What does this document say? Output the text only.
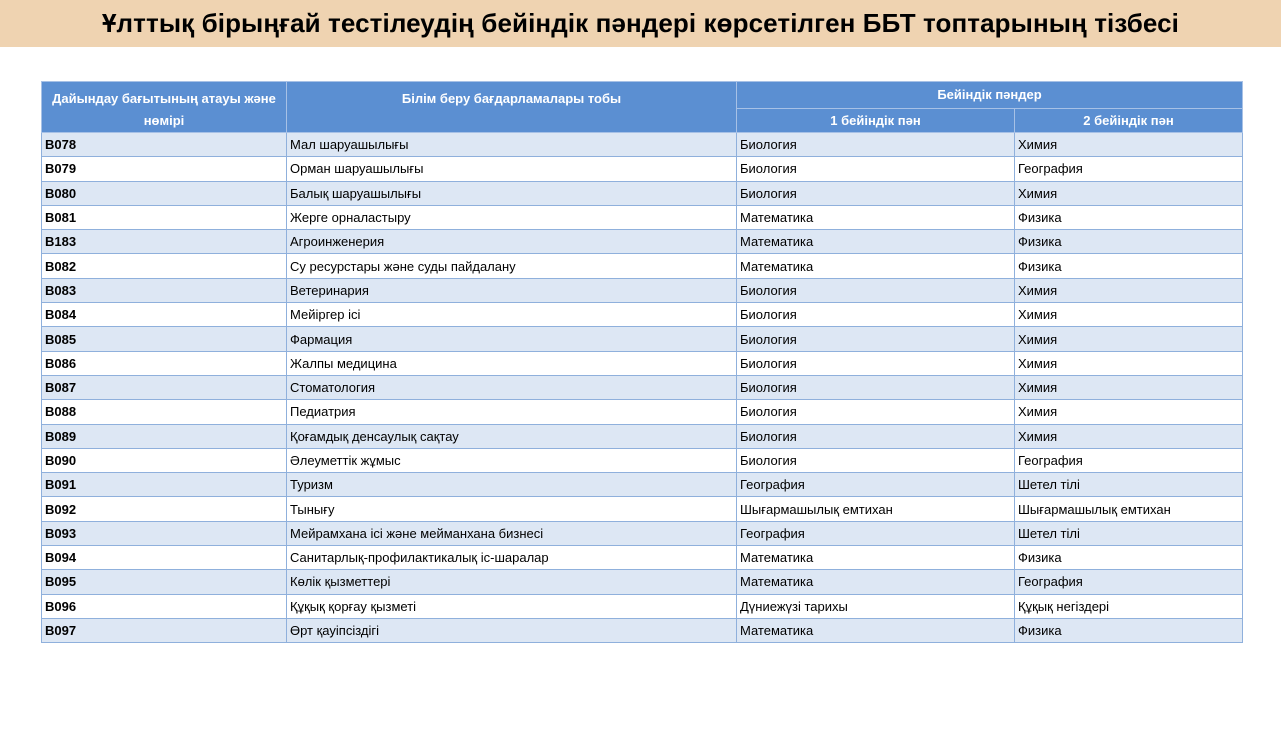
Ұлттық бірыңғай тестілеудің бейіндік пәндері көрсетілген ББТ топтарының тізбесі
Дайындау бағытының атауы және нөмірі	Білім беру бағдарламалары тобы	Бейіндік пәндер	
		1 бейіндік пән	2 бейіндік пән
B078	Мал шаруашылығы	Биология	Химия
B079	Орман шаруашылығы	Биология	География
B080	Балық шаруашылығы	Биология	Химия
B081	Жерге орналастыру	Математика	Физика
B183	Агроинженерия	Математика	Физика
B082	Су ресурстары және суды пайдалану	Математика	Физика
B083	Ветеринария	Биология	Химия
B084	Мейіргер ісі	Биология	Химия
B085	Фармация	Биология	Химия
B086	Жалпы медицина	Биология	Химия
B087	Стоматология	Биология	Химия
B088	Педиатрия	Биология	Химия
B089	Қоғамдық денсаулық сақтау	Биология	Химия
B090	Әлеуметтік жұмыс	Биология	География
B091	Туризм	География	Шетел тілі
B092	Тынығу	Шығармашылық емтихан	Шығармашылық емтихан
B093	Мейрамхана ісі және мейманхана бизнесі	География	Шетел тілі
B094	Санитарлық-профилактикалық іс-шаралар	Математика	Физика
B095	Көлік қызметтері	Математика	География
B096	Құқық қорғау қызметі	Дүниежүзі тарихы	Құқық негіздері
B097	Өрт қауіпсіздігі	Математика	Физика
